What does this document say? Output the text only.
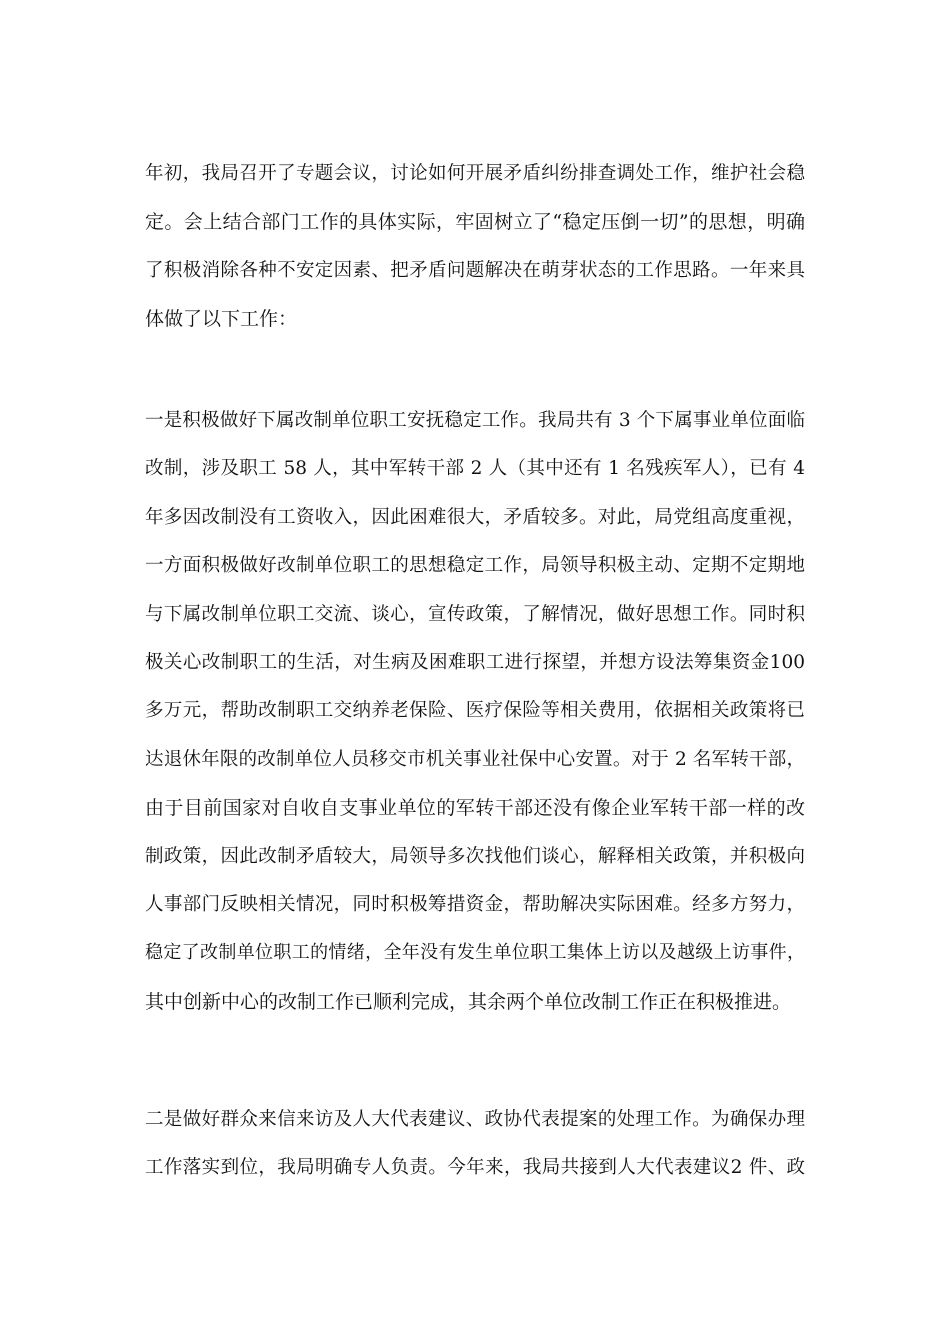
年初，我局召开了专题会议，讨论如何开展矛盾纠纷排查调处工作，维护社会稳
定。会上结合部门工作的具体实际，牢固树立了“稳定压倒一切”的思想，明确
了积极消除各种不安定因素、把矛盾问题解决在萌芽状态的工作思路。一年来具
体做了以下工作：
一是积极做好下属改制单位职工安抚稳定工作。我局共有 3 个下属事业单位面临
改制，涉及职工 58 人，其中军转干部 2 人（其中还有 1 名残疾军人），已有 4
年多因改制没有工资收入，因此困难很大，矛盾较多。对此，局党组高度重视，
一方面积极做好改制单位职工的思想稳定工作，局领导积极主动、定期不定期地
与下属改制单位职工交流、谈心，宣传政策，了解情况，做好思想工作。同时积
极关心改制职工的生活，对生病及困难职工进行探望，并想方设法筹集资金100
多万元，帮助改制职工交纳养老保险、医疗保险等相关费用，依据相关政策将已
达退休年限的改制单位人员移交市机关事业社保中心安置。对于 2 名军转干部，
由于目前国家对自收自支事业单位的军转干部还没有像企业军转干部一样的改
制政策，因此改制矛盾较大，局领导多次找他们谈心，解释相关政策，并积极向
人事部门反映相关情况，同时积极筹措资金，帮助解决实际困难。经多方努力，
稳定了改制单位职工的情绪，全年没有发生单位职工集体上访以及越级上访事件，
其中创新中心的改制工作已顺利完成，其余两个单位改制工作正在积极推进。
二是做好群众来信来访及人大代表建议、政协代表提案的处理工作。为确保办理
工作落实到位，我局明确专人负责。今年来，我局共接到人大代表建议2 件、政
